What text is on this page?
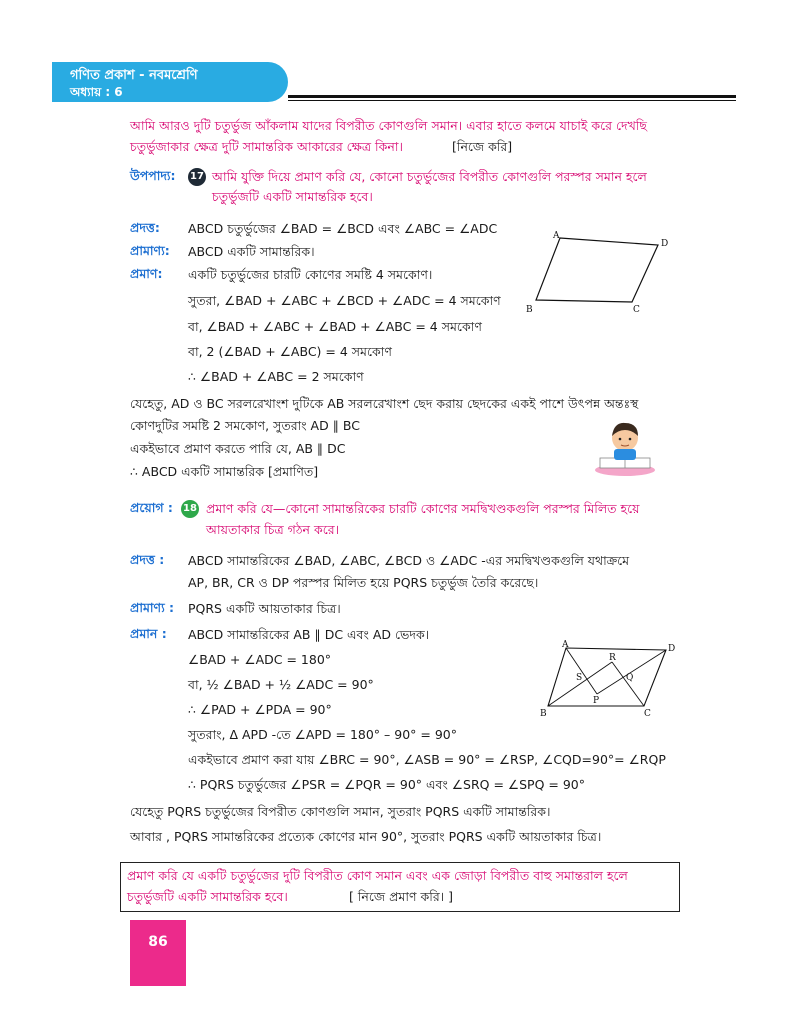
গণিত প্রকাশ - নবমশ্রেণি
অধ্যায় : 6
আমি আরও দুটি চতুর্ভুজ আঁকলাম যাদের বিপরীত কোণগুলি সমান। এবার হাতে কলমে যাচাই করে দেখছি
চতুর্ভুজাকার ক্ষেত্র দুটি সামান্তরিক আকারের ক্ষেত্র কিনা।	[নিজে করি]
উপপাদ্য: 17 আমি যুক্তি দিয়ে প্রমাণ করি যে, কোনো চতুর্ভুজের বিপরীত কোণগুলি পরস্পর সমান হলে
চতুর্ভুজটি একটি সামান্তরিক হবে।
প্রদত্ত: ABCD চতুর্ভুজের ∠BAD = ∠BCD এবং ∠ABC = ∠ADC
প্রামাণ্য: ABCD একটি সামান্তরিক।
প্রমাণ: একটি চতুর্ভুজের চারটি কোণের সমষ্টি 4 সমকোণ।
সুতরা, ∠BAD + ∠ABC + ∠BCD + ∠ADC = 4 সমকোণ
বা, ∠BAD + ∠ABC + ∠BAD + ∠ABC = 4 সমকোণ
বা, 2 (∠BAD + ∠ABC) = 4 সমকোণ
∴ ∠BAD + ∠ABC = 2 সমকোণ
A
D
B	C
যেহেতু, AD ও BC সরলরেখাংশ দুটিকে AB সরলরেখাংশ ছেদ করায় ছেদকের একই পাশে উৎপন্ন অন্তঃস্থ
কোণদুটির সমষ্টি 2 সমকোণ, সুতরাং AD ∥ BC
একইভাবে প্রমাণ করতে পারি যে, AB ∥ DC
∴ ABCD একটি সামান্তরিক [প্রমাণিত]
প্রয়োগ : 18 প্রমাণ করি যে—কোনো সামান্তরিকের চারটি কোণের সমদ্বিখণ্ডকগুলি পরস্পর মিলিত হয়ে
আয়তাকার চিত্র গঠন করে।
প্রদত্ত : ABCD সামান্তরিকের ∠BAD, ∠ABC, ∠BCD ও ∠ADC -এর সমদ্বিখণ্ডকগুলি যথাক্রমে
AP, BR, CR ও DP পরস্পর মিলিত হয়ে PQRS চতুর্ভুজ তৈরি করেছে।
প্রামাণ্য : PQRS একটি আয়তাকার চিত্র।
প্রমান : ABCD সামান্তরিকের AB ∥ DC এবং AD ভেদক।
∠BAD + ∠ADC = 180°
বা, ½ ∠BAD + ½ ∠ADC = 90°
∴ ∠PAD + ∠PDA = 90°
সুতরাং, Δ APD -তে ∠APD = 180° – 90° = 90°
একইভাবে প্রমাণ করা যায় ∠BRC = 90°, ∠ASB = 90° = ∠RSP, ∠CQD=90°= ∠RQP
∴ PQRS চতুর্ভুজের ∠PSR = ∠PQR = 90° এবং ∠SRQ = ∠SPQ = 90°
A	D
B	C
P
Q
R
S
যেহেতু PQRS চতুর্ভুজের বিপরীত কোণগুলি সমান, সুতরাং PQRS একটি সামান্তরিক।
আবার , PQRS সামান্তরিকের প্রত্যেক কোণের মান 90°, সুতরাং PQRS একটি আয়তাকার চিত্র।
প্রমাণ করি যে একটি চতুর্ভুজের দুটি বিপরীত কোণ সমান এবং এক জোড়া বিপরীত বাহু সমান্তরাল হলে
চতুর্ভুজটি একটি সামান্তরিক হবে।	[ নিজে প্রমাণ করি। ]
86
